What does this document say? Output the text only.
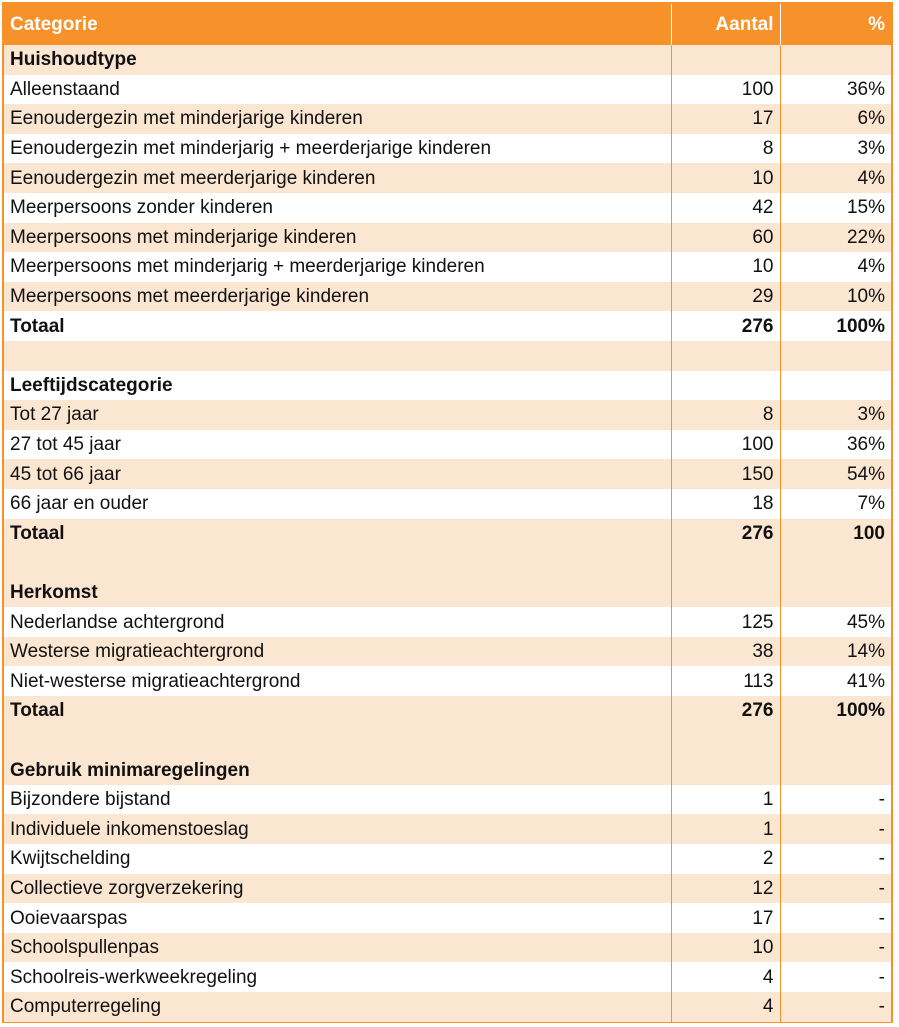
Categorie	Aantal	%
Huishoudtype		
Alleenstaand	100	36%
Eenoudergezin met minderjarige kinderen	17	6%
Eenoudergezin met minderjarig + meerderjarige kinderen	8	3%
Eenoudergezin met meerderjarige kinderen	10	4%
Meerpersoons zonder kinderen	42	15%
Meerpersoons met minderjarige kinderen	60	22%
Meerpersoons met minderjarig + meerderjarige kinderen	10	4%
Meerpersoons met meerderjarige kinderen	29	10%
Totaal	276	100%

Leeftijdscategorie		
Tot 27 jaar	8	3%
27 tot 45 jaar	100	36%
45 tot 66 jaar	150	54%
66 jaar en ouder	18	7%
Totaal	276	100

Herkomst		
Nederlandse achtergrond	125	45%
Westerse migratieachtergrond	38	14%
Niet-westerse migratieachtergrond	113	41%
Totaal	276	100%

Gebruik minimaregelingen		
Bijzondere bijstand	1	-
Individuele inkomenstoeslag	1	-
Kwijtschelding	2	-
Collectieve zorgverzekering	12	-
Ooievaarspas	17	-
Schoolspullenpas	10	-
Schoolreis-werkweekregeling	4	-
Computerregeling	4	-
